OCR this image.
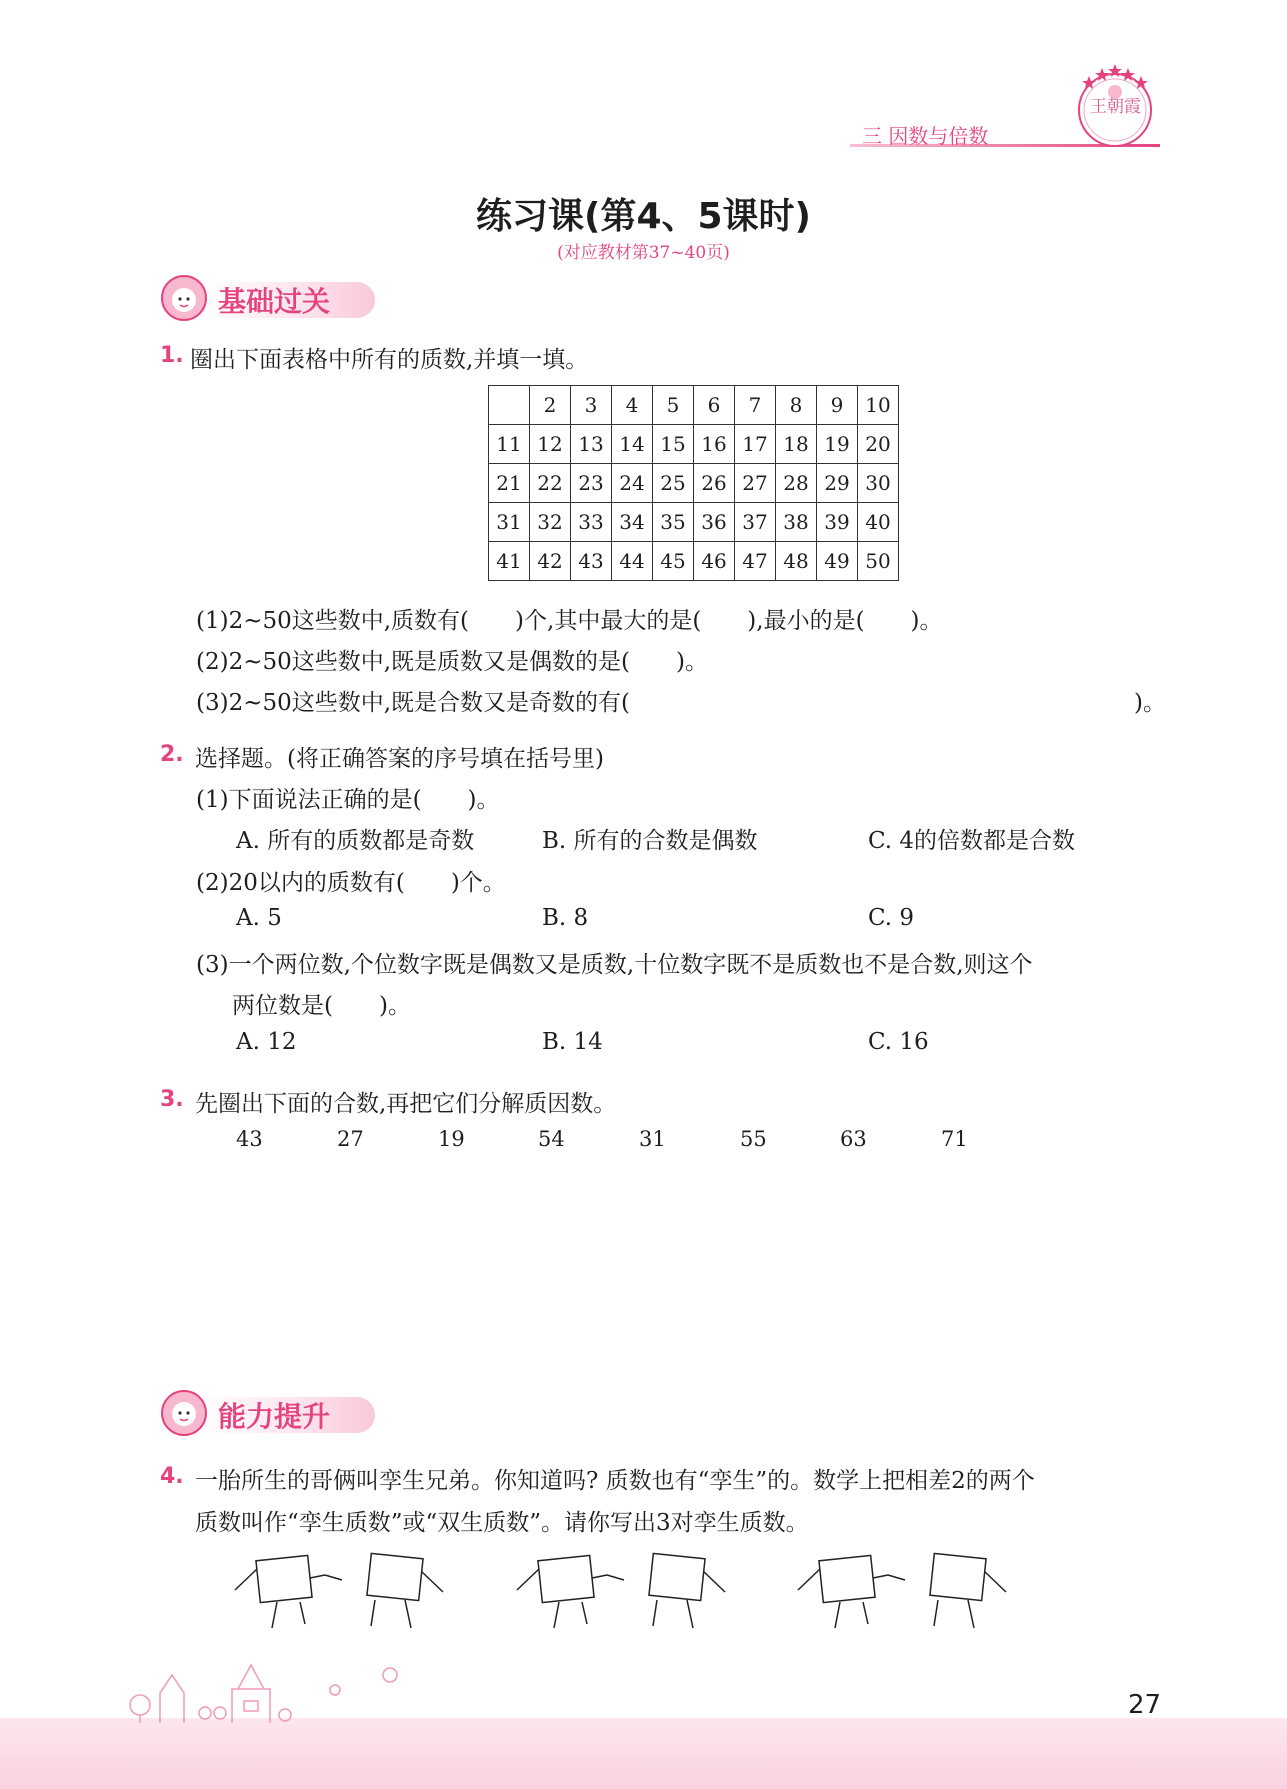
三 因数与倍数
王朝霞
练习课(第4、5课时)
(对应教材第37~40页)
基础过关
1. 圈出下面表格中所有的质数,并填一填。
	2	3	4	5	6	7	8	9	10
11	12	13	14	15	16	17	18	19	20
21	22	23	24	25	26	27	28	29	30
31	32	33	34	35	36	37	38	39	40
41	42	43	44	45	46	47	48	49	50
(1)2~50这些数中,质数有(　　)个,其中最大的是(　　),最小的是(　　)。
(2)2~50这些数中,既是质数又是偶数的是(　　)。
(3)2~50这些数中,既是合数又是奇数的有(	)。
2. 选择题。(将正确答案的序号填在括号里)
(1)下面说法正确的是(　　)。
A. 所有的质数都是奇数	B. 所有的合数是偶数	C. 4的倍数都是合数
(2)20以内的质数有(　　)个。
A. 5	B. 8	C. 9
(3)一个两位数,个位数字既是偶数又是质数,十位数字既不是质数也不是合数,则这个
两位数是(　　)。
A. 12	B. 14	C. 16
3. 先圈出下面的合数,再把它们分解质因数。
43	27	19	54	31	55	63	71
能力提升
4. 一胎所生的哥俩叫孪生兄弟。你知道吗? 质数也有“孪生”的。数学上把相差2的两个
质数叫作“孪生质数”或“双生质数”。请你写出3对孪生质数。
27
